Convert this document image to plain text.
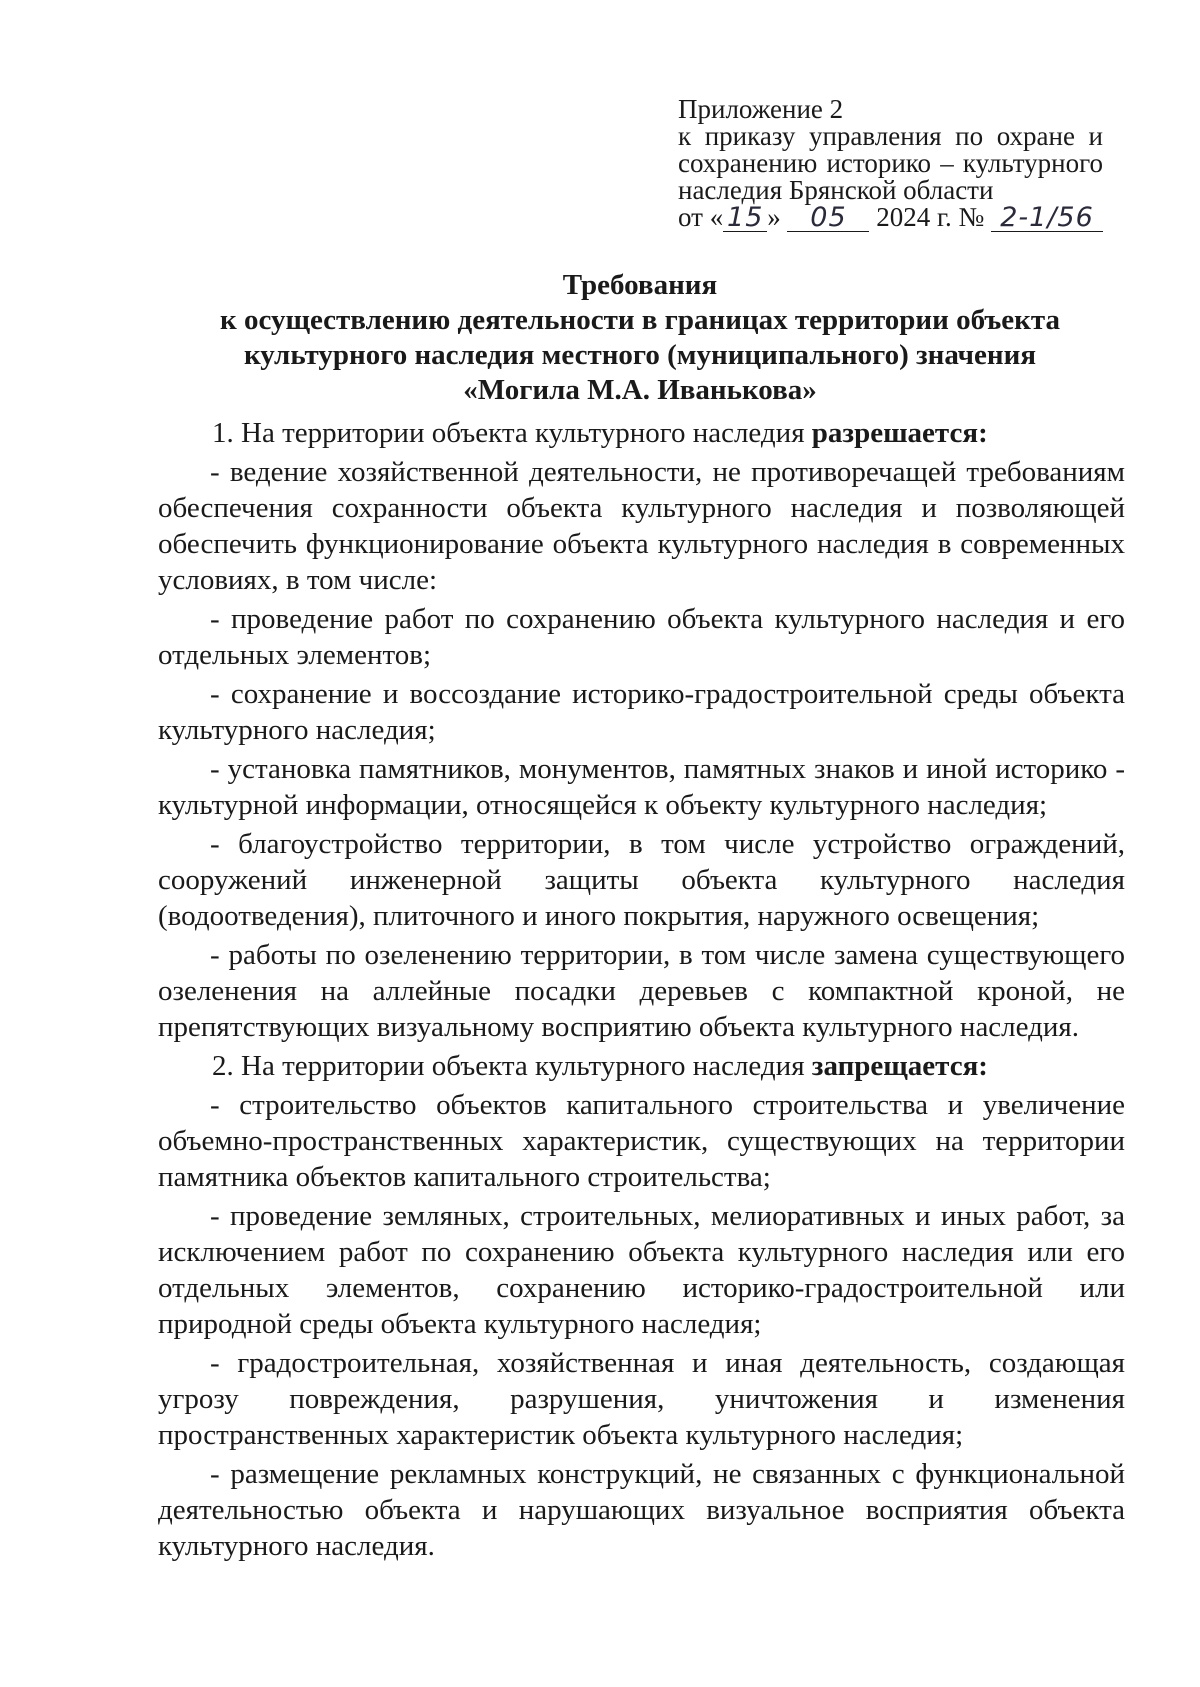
Приложение 2
к приказу управления по охране и
сохранению историко – культурного
наследия Брянской области
от « 15 » 05 2024 г. № 2-1/56
Требования
к осуществлению деятельности в границах территории объекта
культурного наследия местного (муниципального) значения
«Могила М.А. Иванькова»

1. На территории объекта культурного наследия разрешается:

- ведение хозяйственной деятельности, не противоречащей требованиям обеспечения сохранности объекта культурного наследия и позволяющей обеспечить функционирование объекта культурного наследия в современных условиях, в том числе:

- проведение работ по сохранению объекта культурного наследия и его отдельных элементов;

- сохранение и воссоздание историко-градостроительной среды объекта культурного наследия;

- установка памятников, монументов, памятных знаков и иной историко - культурной информации, относящейся к объекту культурного наследия;

- благоустройство территории, в том числе устройство ограждений, сооружений инженерной защиты объекта культурного наследия (водоотведения), плиточного и иного покрытия, наружного освещения;

- работы по озеленению территории, в том числе замена существующего озеленения на аллейные посадки деревьев с компактной кроной, не препятствующих визуальному восприятию объекта культурного наследия.

2. На территории объекта культурного наследия запрещается:

- строительство объектов капитального строительства и увеличение объемно-пространственных характеристик, существующих на территории памятника объектов капитального строительства;

- проведение земляных, строительных, мелиоративных и иных работ, за исключением работ по сохранению объекта культурного наследия или его отдельных элементов, сохранению историко-градостроительной или природной среды объекта культурного наследия;

- градостроительная, хозяйственная и иная деятельность, создающая угрозу повреждения, разрушения, уничтожения и изменения пространственных характеристик объекта культурного наследия;

- размещение рекламных конструкций, не связанных с функциональной деятельностью объекта и нарушающих визуальное восприятия объекта культурного наследия.
